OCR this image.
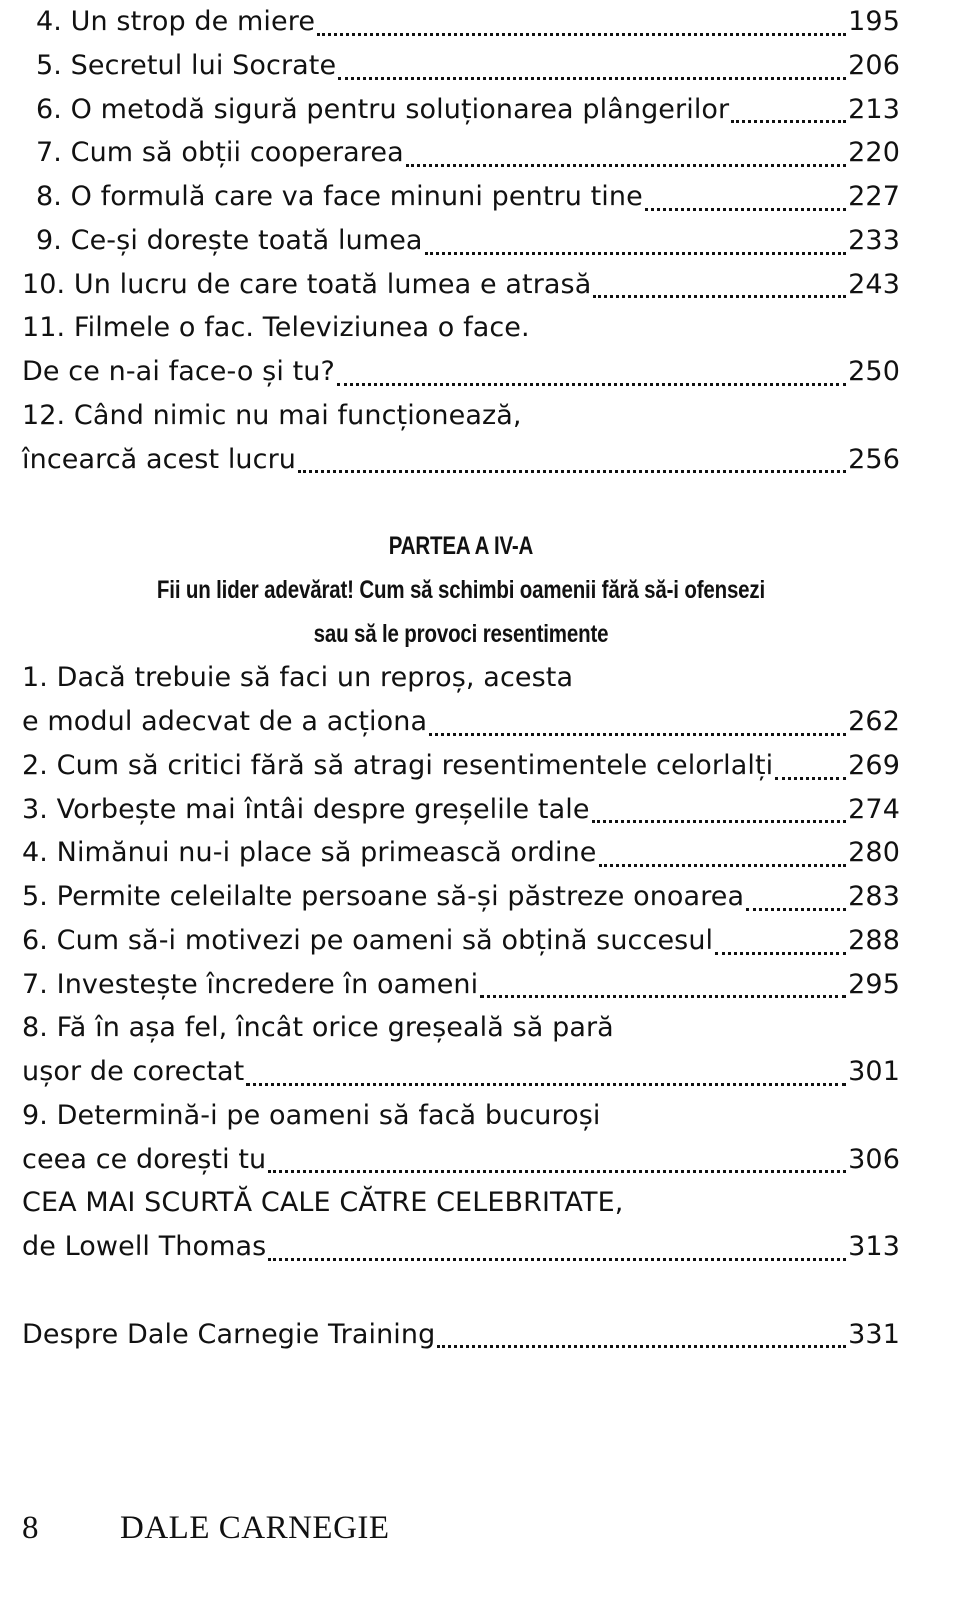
4. Un strop de miere	195
5. Secretul lui Socrate	206
6. O metodă sigură pentru soluționarea plângerilor	213
7. Cum să obții cooperarea	220
8. O formulă care va face minuni pentru tine	227
9. Ce-și dorește toată lumea	233
10. Un lucru de care toată lumea e atrasă	243
11. Filmele o fac. Televiziunea o face.
De ce n-ai face-o și tu?	250
12. Când nimic nu mai funcționează,
încearcă acest lucru	256
PARTEA A IV-A
Fii un lider adevărat! Cum să schimbi oamenii fără să-i ofensezi
sau să le provoci resentimente
1. Dacă trebuie să faci un reproș, acesta
e modul adecvat de a acționa	262
2. Cum să critici fără să atragi resentimentele celorlalți	269
3. Vorbește mai întâi despre greșelile tale	274
4. Nimănui nu-i place să primească ordine	280
5. Permite celeilalte persoane să-și păstreze onoarea	283
6. Cum să-i motivezi pe oameni să obțină succesul	288
7. Investește încredere în oameni	295
8. Fă în așa fel, încât orice greșeală să pară
ușor de corectat	301
9. Determină-i pe oameni să facă bucuroși
ceea ce dorești tu	306
CEA MAI SCURTĂ CALE CĂTRE CELEBRITATE,
de Lowell Thomas	313
Despre Dale Carnegie Training	331
8 DALE CARNEGIE
